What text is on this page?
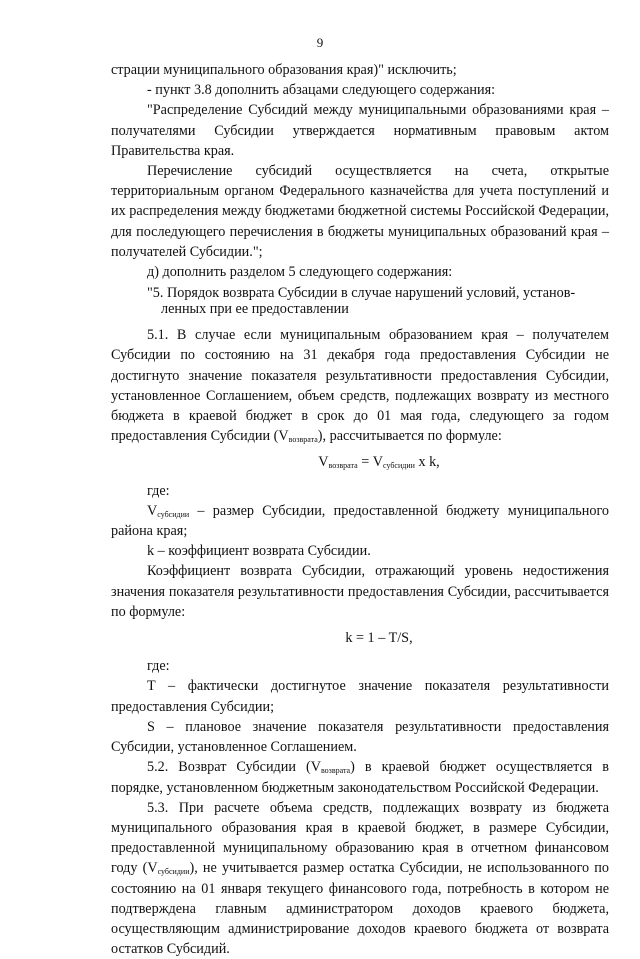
9

страции муниципального образования края)" исключить;

- пункт 3.8 дополнить абзацами следующего содержания:

"Распределение Субсидий между муниципальными образованиями края – получателями Субсидии утверждается нормативным правовым актом Правительства края.

Перечисление субсидий осуществляется на счета, открытые территориальным органом Федерального казначейства для учета поступлений и их распределения между бюджетами бюджетной системы Российской Федерации, для последующего перечисления в бюджеты муниципальных образований края – получателей Субсидии.";

д) дополнить разделом 5 следующего содержания:

"5. Порядок возврата Субсидии в случае нарушений условий, установ-
ленных при ее предоставлении

5.1. В случае если муниципальным образованием края – получателем Субсидии по состоянию на 31 декабря года предоставления Субсидии не достигнуто значение показателя результативности предоставления Субсидии, установленное Соглашением, объем средств, подлежащих возврату из местного бюджета в краевой бюджет в срок до 01 мая года, следующего за годом предоставления Субсидии $(V_{возврата})$, рассчитывается по формуле:

$V_{возврата} = V_{субсидии}$ x k,

где:

$V_{субсидии}$ – размер Субсидии, предоставленной бюджету муниципального района края;

k – коэффициент возврата Субсидии.

Коэффициент возврата Субсидии, отражающий уровень недостижения значения показателя результативности предоставления Субсидии, рассчитывается по формуле:

k = 1 – T/S,

где:

T – фактически достигнутое значение показателя результативности предоставления Субсидии;

S – плановое значение показателя результативности предоставления Субсидии, установленное Соглашением.

5.2. Возврат Субсидии $(V_{возврата})$ в краевой бюджет осуществляется в порядке, установленном бюджетным законодательством Российской Федерации.

5.3. При расчете объема средств, подлежащих возврату из бюджета муниципального образования края в краевой бюджет, в размере Субсидии, предоставленной муниципальному образованию края в отчетном финансовом году $(V_{субсидии})$, не учитывается размер остатка Субсидии, не использованного по состоянию на 01 января текущего финансового года, потребность в котором не подтверждена главным администратором доходов краевого бюджета, осуществляющим администрирование доходов краевого бюджета от возврата остатков Субсидий.
